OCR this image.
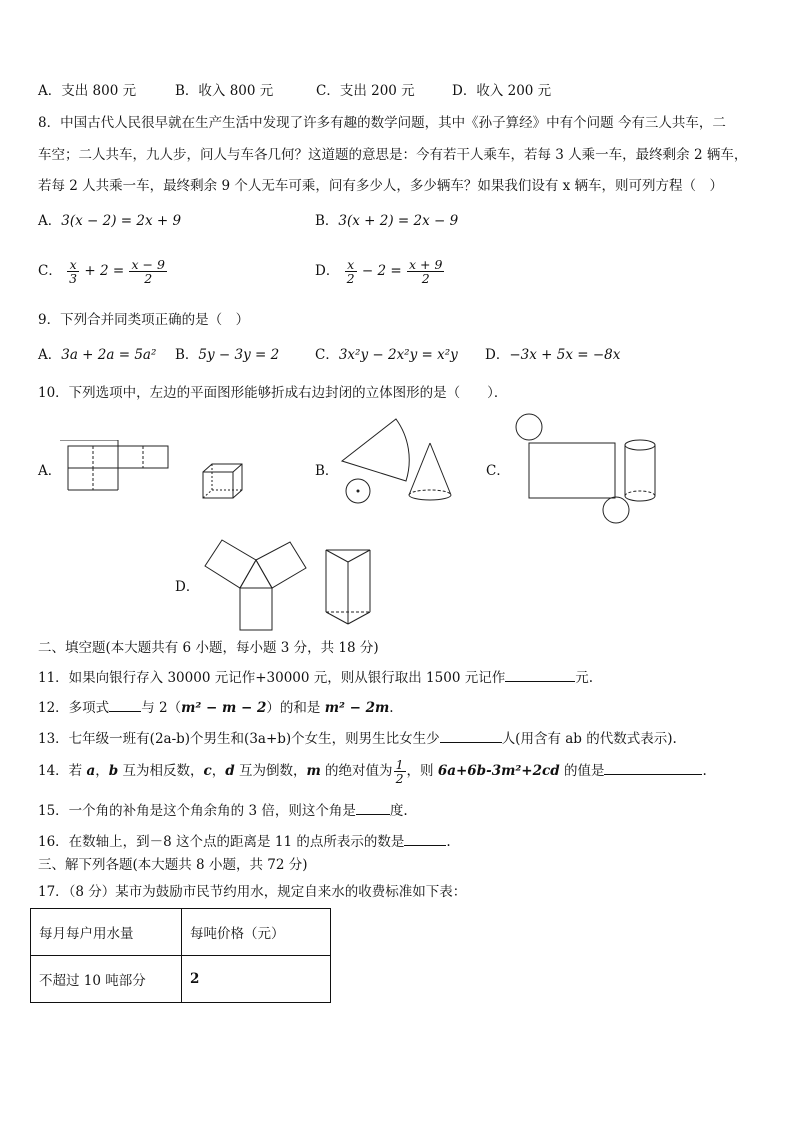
A．支出 800 元	B．收入 800 元	C．支出 200 元	D．收入 200 元
8．中国古代人民很早就在生产生活中发现了许多有趣的数学问题，其中《孙子算经》中有个问题 今有三人共车，二
车空；二人共车，九人步，问人与车各几何？这道题的意思是：今有若干人乘车，若每 3 人乘一车，最终剩余 2 辆车，
若每 2 人共乘一车，最终剩余 9 个人无车可乘，问有多少人，多少辆车？如果我们设有 x 辆车，则可列方程（　）
A．3(x − 2) = 2x + 9	B．3(x + 2) = 2x − 9
C． $\frac{x}{3} + 2 = \frac{x - 9}{2}$	D． $\frac{x}{2} - 2 = \frac{x + 9}{2}$
9．下列合并同类项正确的是（　）
A．3a + 2a = 5a² B．5y − 3y = 2	C．3x²y − 2x²y = x²y D．−3x + 5x = −8x
10．下列选项中，左边的平面图形能够折成右边封闭的立体图形的是（　　）．
A．	B．	C．
D．
二、填空题(本大题共有 6 小题，每小题 3 分，共 18 分)
11．如果向银行存入 30000 元记作+30000 元，则从银行取出 1500 元记作	元.
12．多项式 与 2（m² − m − 2）的和是 m² − 2m.
13．七年级一班有(2a-b)个男生和(3a+b)个女生，则男生比女生少	人(用含有 ab 的代数式表示).
14．若 a，b 互为相反数，c，d 互为倒数，m 的绝对值为 $\frac{1}{2}$ ，则 6a+6b-3m²+2cd 的值是	.
15．一个角的补角是这个角余角的 3 倍，则这个角是	度.
16．在数轴上，到－8 这个点的距离是 11 的点所表示的数是	.
三、解下列各题(本大题共 8 小题，共 72 分)
17．（8 分）某市为鼓励市民节约用水，规定自来水的收费标准如下表：
每月每户用水量	每吨价格（元）
不超过 10 吨部分	2
